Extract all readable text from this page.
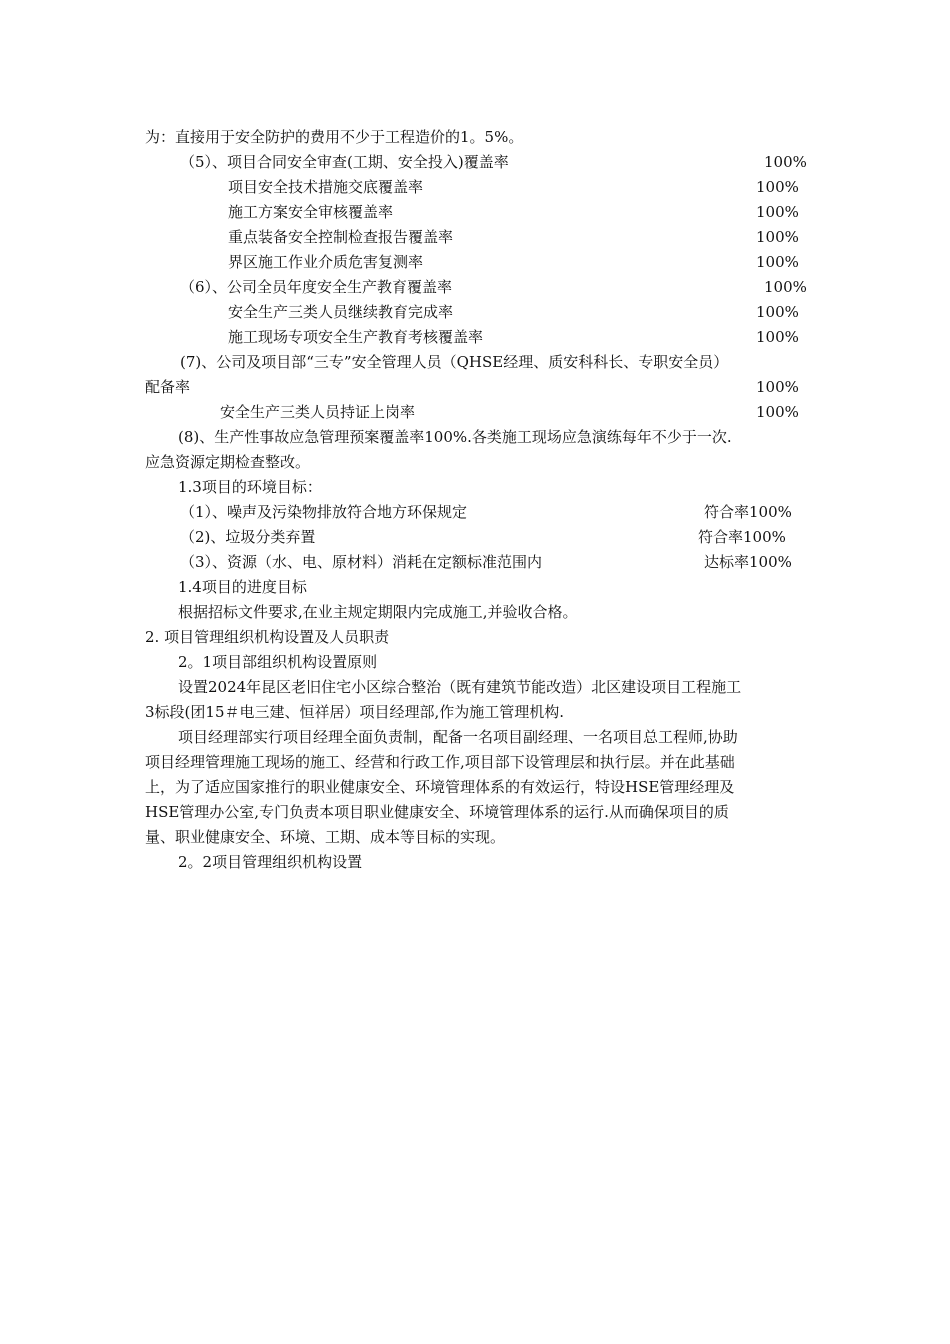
为：直接用于安全防护的费用不少于工程造价的1。5%。
（5）、项目合同安全审查(工期、安全投入)覆盖率	100%
项目安全技术措施交底覆盖率	100%
施工方案安全审核覆盖率	100%
重点装备安全控制检查报告覆盖率	100%
界区施工作业介质危害复测率	100%
（6）、公司全员年度安全生产教育覆盖率	100%
安全生产三类人员继续教育完成率	100%
施工现场专项安全生产教育考核覆盖率	100%
(7)、公司及项目部“三专”安全管理人员（QHSE经理、质安科科长、专职安全员）
配备率	100%
安全生产三类人员持证上岗率	100%
(8)、生产性事故应急管理预案覆盖率100%.各类施工现场应急演练每年不少于一次.
应急资源定期检查整改。
1.3项目的环境目标：
（1）、噪声及污染物排放符合地方环保规定	符合率100%
（2)、垃圾分类弃置	符合率100%
（3）、资源（水、电、原材料）消耗在定额标准范围内	达标率100%
1.4项目的进度目标
根据招标文件要求,在业主规定期限内完成施工,并验收合格。
2. 项目管理组织机构设置及人员职责
2。1项目部组织机构设置原则
设置2024年昆区老旧住宅小区综合整治（既有建筑节能改造）北区建设项目工程施工
3标段(团15＃电三建、恒祥居）项目经理部,作为施工管理机构.
项目经理部实行项目经理全面负责制，配备一名项目副经理、一名项目总工程师,协助
项目经理管理施工现场的施工、经营和行政工作,项目部下设管理层和执行层。并在此基础
上，为了适应国家推行的职业健康安全、环境管理体系的有效运行，特设HSE管理经理及
HSE管理办公室,专门负责本项目职业健康安全、环境管理体系的运行.从而确保项目的质
量、职业健康安全、环境、工期、成本等目标的实现。
2。2项目管理组织机构设置
